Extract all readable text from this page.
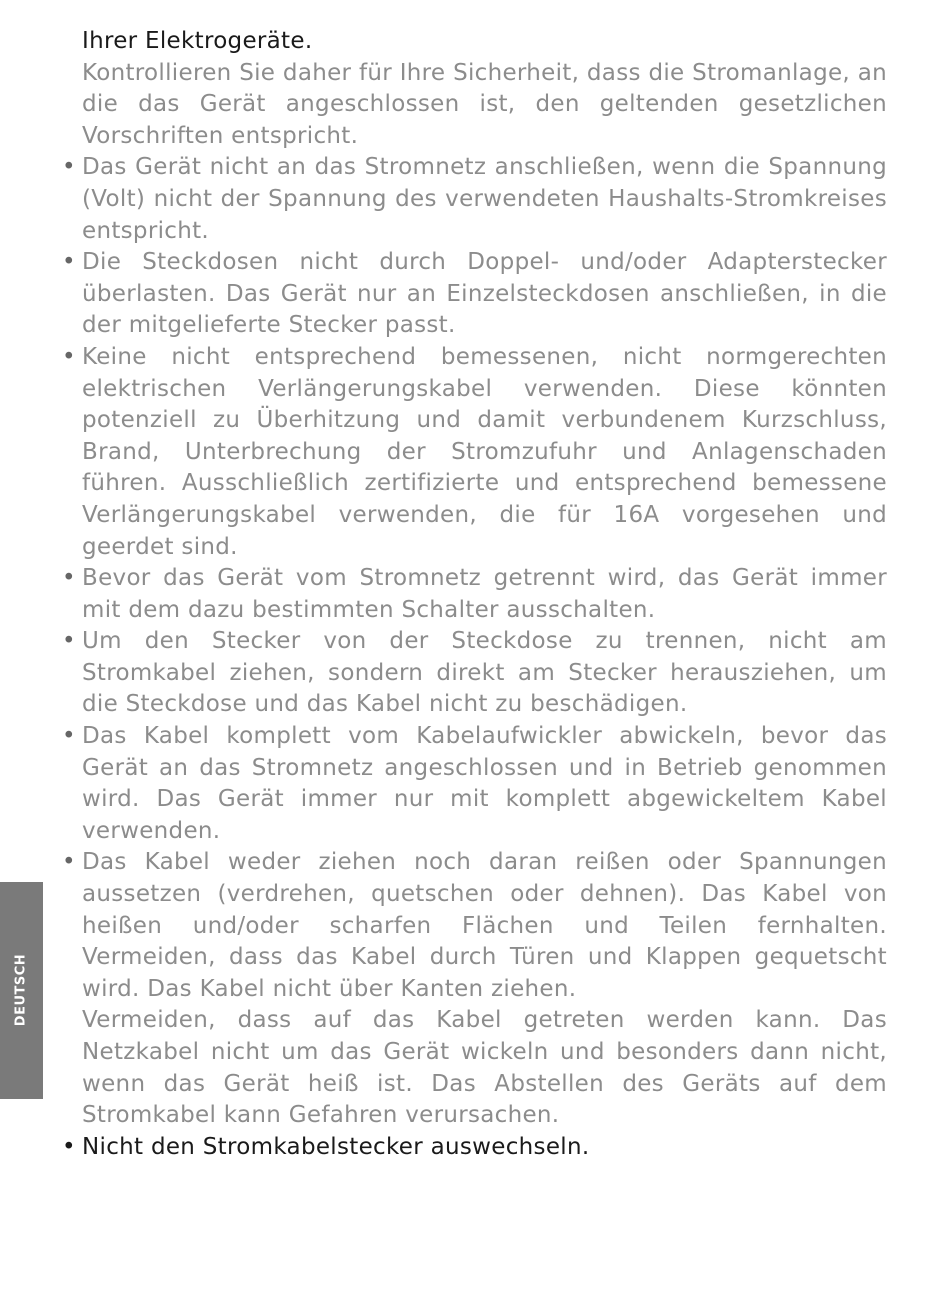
DEUTSCH

Ihrer Elektrogeräte.

Kontrollieren Sie daher für Ihre Sicherheit, dass die Stromanlage, an die das Gerät angeschlossen ist, den geltenden gesetzlichen Vorschriften entspricht.

• Das Gerät nicht an das Stromnetz anschließen, wenn die Spannung (Volt) nicht der Spannung des verwendeten Haushalts-Stromkreises entspricht.
• Die Steckdosen nicht durch Doppel- und/oder Adapterstecker überlasten. Das Gerät nur an Einzelsteckdosen anschließen, in die der mitgelieferte Stecker passt.
• Keine nicht entsprechend bemessenen, nicht normgerechten elektrischen Verlängerungskabel verwenden. Diese könnten potenziell zu Überhitzung und damit verbundenem Kurzschluss, Brand, Unterbrechung der Stromzufuhr und Anlagenschaden führen. Ausschließlich zertifizierte und entsprechend bemessene Verlängerungskabel verwenden, die für 16A vorgesehen und geerdet sind.
• Bevor das Gerät vom Stromnetz getrennt wird, das Gerät immer mit dem dazu bestimmten Schalter ausschalten.
• Um den Stecker von der Steckdose zu trennen, nicht am Stromkabel ziehen, sondern direkt am Stecker herausziehen, um die Steckdose und das Kabel nicht zu beschädigen.
• Das Kabel komplett vom Kabelaufwickler abwickeln, bevor das Gerät an das Stromnetz angeschlossen und in Betrieb genommen wird. Das Gerät immer nur mit komplett abgewickeltem Kabel verwenden.
• Das Kabel weder ziehen noch daran reißen oder Spannungen aussetzen (verdrehen, quetschen oder dehnen). Das Kabel von heißen und/oder scharfen Flächen und Teilen fernhalten. Vermeiden, dass das Kabel durch Türen und Klappen gequetscht wird. Das Kabel nicht über Kanten ziehen.

Vermeiden, dass auf das Kabel getreten werden kann. Das Netzkabel nicht um das Gerät wickeln und besonders dann nicht, wenn das Gerät heiß ist. Das Abstellen des Geräts auf dem Stromkabel kann Gefahren verursachen.

• Nicht den Stromkabelstecker auswechseln.
